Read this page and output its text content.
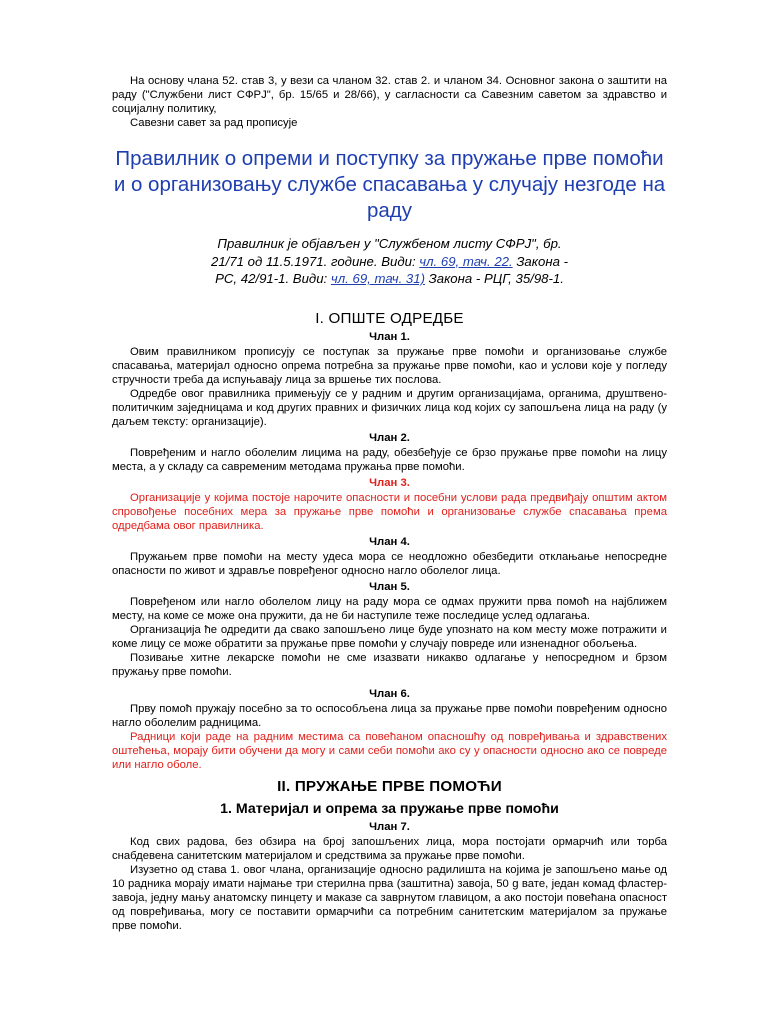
На основу члана 52. став 3, у вези са чланом 32. став 2. и чланом 34. Основног закона о заштити на раду ("Службени лист СФРЈ", бр. 15/65 и 28/66), у сагласности са Савезним саветом за здравство и социјалну политику,

Савезни савет за рад прописује

Правилник о опреми и поступку за пружање прве помоћи и о организовању службе спасавања у случају незгоде на раду
Правилник је објављен у "Службеном листу СФРЈ", бр. 21/71 од 11.5.1971. године. Види: чл. 69, тач. 22. Закона - РС, 42/91-1. Види: чл. 69, тач. 31) Закона - РЦГ, 35/98-1.
I. ОПШТЕ ОДРЕДБЕ
Члан 1.

Овим правилником прописују се поступак за пружање прве помоћи и организовање службе спасавања, материјал односно опрема потребна за пружање прве помоћи, као и услови које у погледу стручности треба да испуњавају лица за вршење тих послова.

Одредбе овог правилника примењују се у радним и другим организацијама, органима, друштвено-политичким заједницама и код других правних и физичких лица код којих су запошљена лица на раду (у даљем тексту: организације).

Члан 2.

Повређеним и нагло оболелим лицима на раду, обезбеђује се брзо пружање прве помоћи на лицу места, а у складу са савременим методама пружања прве помоћи.

Члан 3.

Организације у којима постоје нарочите опасности и посебни услови рада предвиђају општим актом спровођење посебних мера за пружање прве помоћи и организовање службе спасавања према одредбама овог правилника.

Члан 4.

Пружањем прве помоћи на месту удеса мора се неодложно обезбедити отклањање непосредне опасности по живот и здравље повређеног односно нагло оболелог лица.

Члан 5.

Повређеном или нагло оболелом лицу на раду мора се одмах пружити прва помоћ на најближем месту, на коме се може она пружити, да не би наступиле теже последице услед одлагања.

Организација ће одредити да свако запошљено лице буде упознато на ком месту може потражити и коме лицу се може обратити за пружање прве помоћи у случају повреде или изненадног обољења.

Позивање хитне лекарске помоћи не сме изазвати никакво одлагање у непосредном и брзом пружању прве помоћи.

Члан 6.

Прву помоћ пружају посебно за то оспособљена лица за пружање прве помоћи повређеним односно нагло оболелим радницима.

Радници који раде на радним местима са повећаном опасношћу од повређивања и здравствених оштећења, морају бити обучени да могу и сами себи помоћи ако су у опасности односно ако се повреде или нагло оболе.

II. ПРУЖАЊЕ ПРВЕ ПОМОЋИ
1. Материјал и опрема за пружање прве помоћи
Члан 7.

Код свих радова, без обзира на број запошљених лица, мора постојати ормарчић или торба снабдевена санитетским материјалом и средствима за пружање прве помоћи.

Изузетно од става 1. овог члана, организације односно радилишта на којима је запошљено мање од 10 радника морају имати најмање три стерилна прва (заштитна) завоја, 50 g вате, један комад фластер-завоја, једну мању анатомску пинцету и маказе са заврнутом главицом, а ако постоји повећана опасност од повређивања, могу се поставити ормарчићи са потребним санитетским материјалом за пружање прве помоћи.
